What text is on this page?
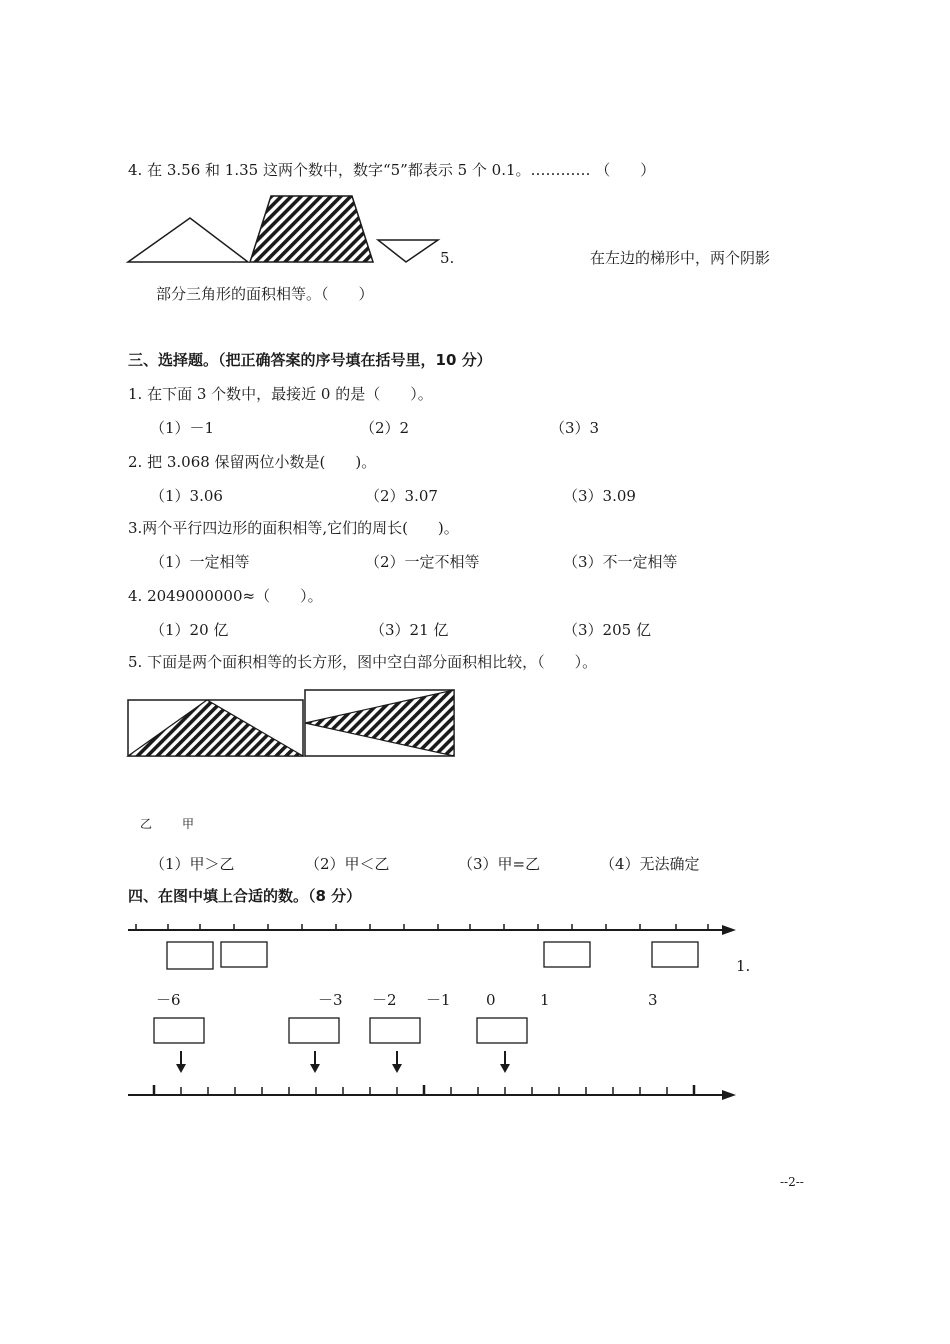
4. 在 3.56 和 1.35 这两个数中，数字“5”都表示 5 个 0.1。………… （　　）
5.	在左边的梯形中，两个阴影
部分三角形的面积相等。（　　）
三、选择题。（把正确答案的序号填在括号里，10 分）
1. 在下面 3 个数中，最接近 0 的是（　　）。
（1）－1	（2）2	（3）3
2. 把 3.068 保留两位小数是(　　)。
（1）3.06	（2）3.07	（3）3.09
3.两个平行四边形的面积相等,它们的周长(　　)。
（1）一定相等	（2）一定不相等	（3）不一定相等
4. 2049000000≈（　　）。
（1）20 亿	（3）21 亿	（3）205 亿
5. 下面是两个面积相等的长方形，图中空白部分面积相比较，（　　）。
乙 甲
（1）甲＞乙	（2）甲＜乙	（3）甲=乙	（4）无法确定
四、在图中填上合适的数。（8 分）
1.
－6	－3 －2 －1 0	1	3
--2--
